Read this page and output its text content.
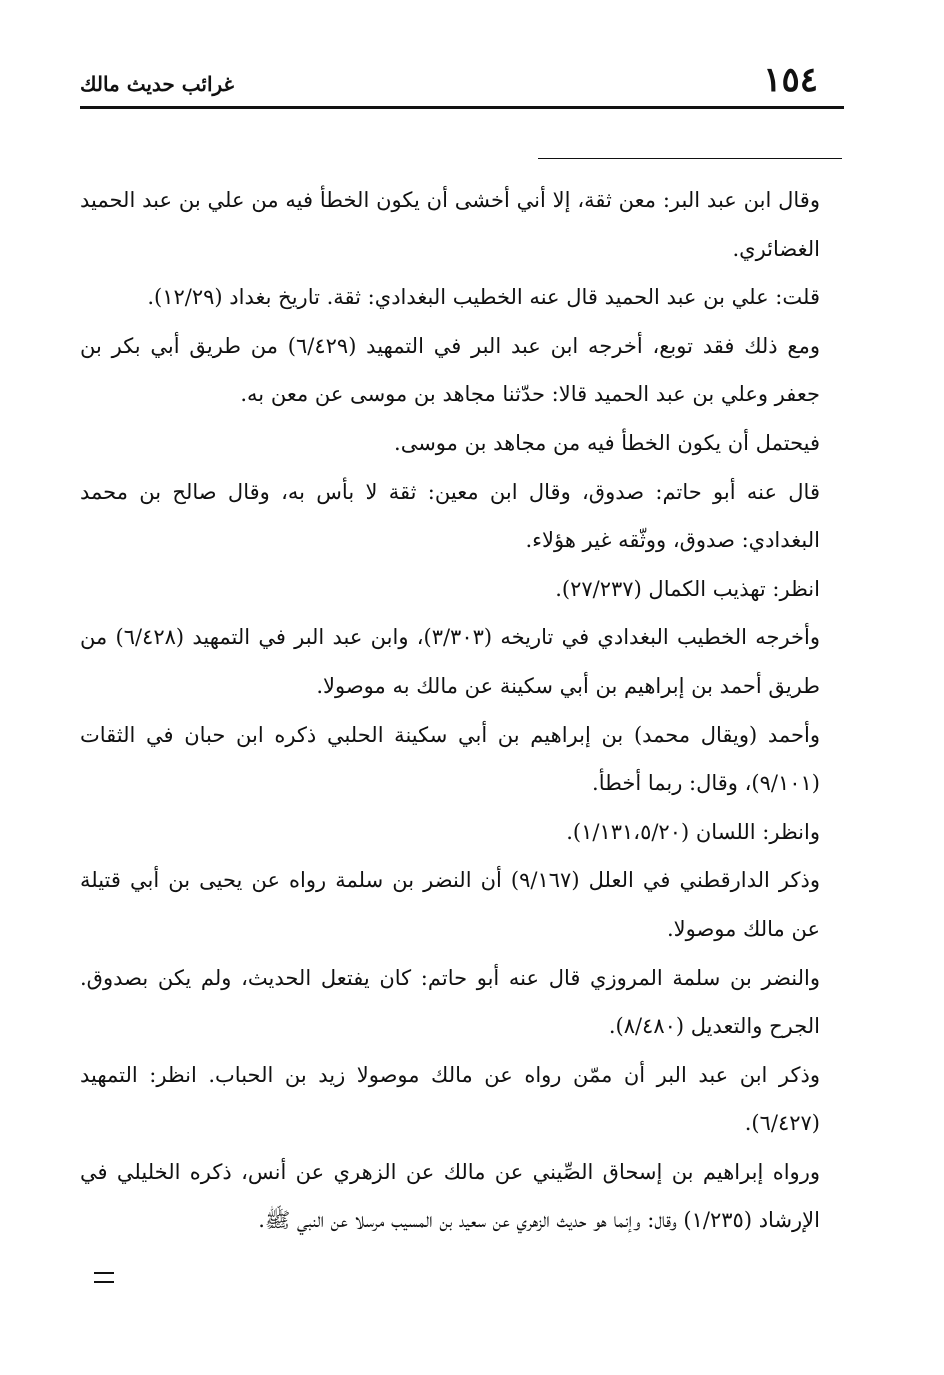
١٥٤
غرائب حديث مالك

وقال ابن عبد البر: معن ثقة، إلا أني أخشى أن يكون الخطأ فيه من علي بن عبد الحميد الغضائري.

قلت: علي بن عبد الحميد قال عنه الخطيب البغدادي: ثقة. تاريخ بغداد (١٢/٢٩).

ومع ذلك فقد توبع، أخرجه ابن عبد البر في التمهيد (٦/٤٢٩) من طريق أبي بكر بن جعفر وعلي بن عبد الحميد قالا: حدّثنا مجاهد بن موسى عن معن به.

فيحتمل أن يكون الخطأ فيه من مجاهد بن موسى.

قال عنه أبو حاتم: صدوق، وقال ابن معين: ثقة لا بأس به، وقال صالح بن محمد البغدادي: صدوق، ووثّقه غير هؤلاء.

انظر: تهذيب الكمال (٢٧/٢٣٧).

وأخرجه الخطيب البغدادي في تاريخه (٣/٣٠٣)، وابن عبد البر في التمهيد (٦/٤٢٨) من طريق أحمد بن إبراهيم بن أبي سكينة عن مالك به موصولا.

وأحمد (ويقال محمد) بن إبراهيم بن أبي سكينة الحلبي ذكره ابن حبان في الثقات (٩/١٠١)، وقال: ربما أخطأ.

وانظر: اللسان (١/١٣١،٥/٢٠).

وذكر الدارقطني في العلل (٩/١٦٧) أن النضر بن سلمة رواه عن يحيى بن أبي قتيلة عن مالك موصولا.

والنضر بن سلمة المروزي قال عنه أبو حاتم: كان يفتعل الحديث، ولم يكن بصدوق. الجرح والتعديل (٨/٤٨٠).

وذكر ابن عبد البر أن ممّن رواه عن مالك موصولا زيد بن الحباب. انظر: التمهيد (٦/٤٢٧).

ورواه إبراهيم بن إسحاق الصِّيني عن مالك عن الزهري عن أنس، ذكره الخليلي في الإرشاد (١/٢٣٥) وقال: وإنما هو حديث الزهري عن سعيد بن المسيب مرسلا عن النبي ﷺ.
